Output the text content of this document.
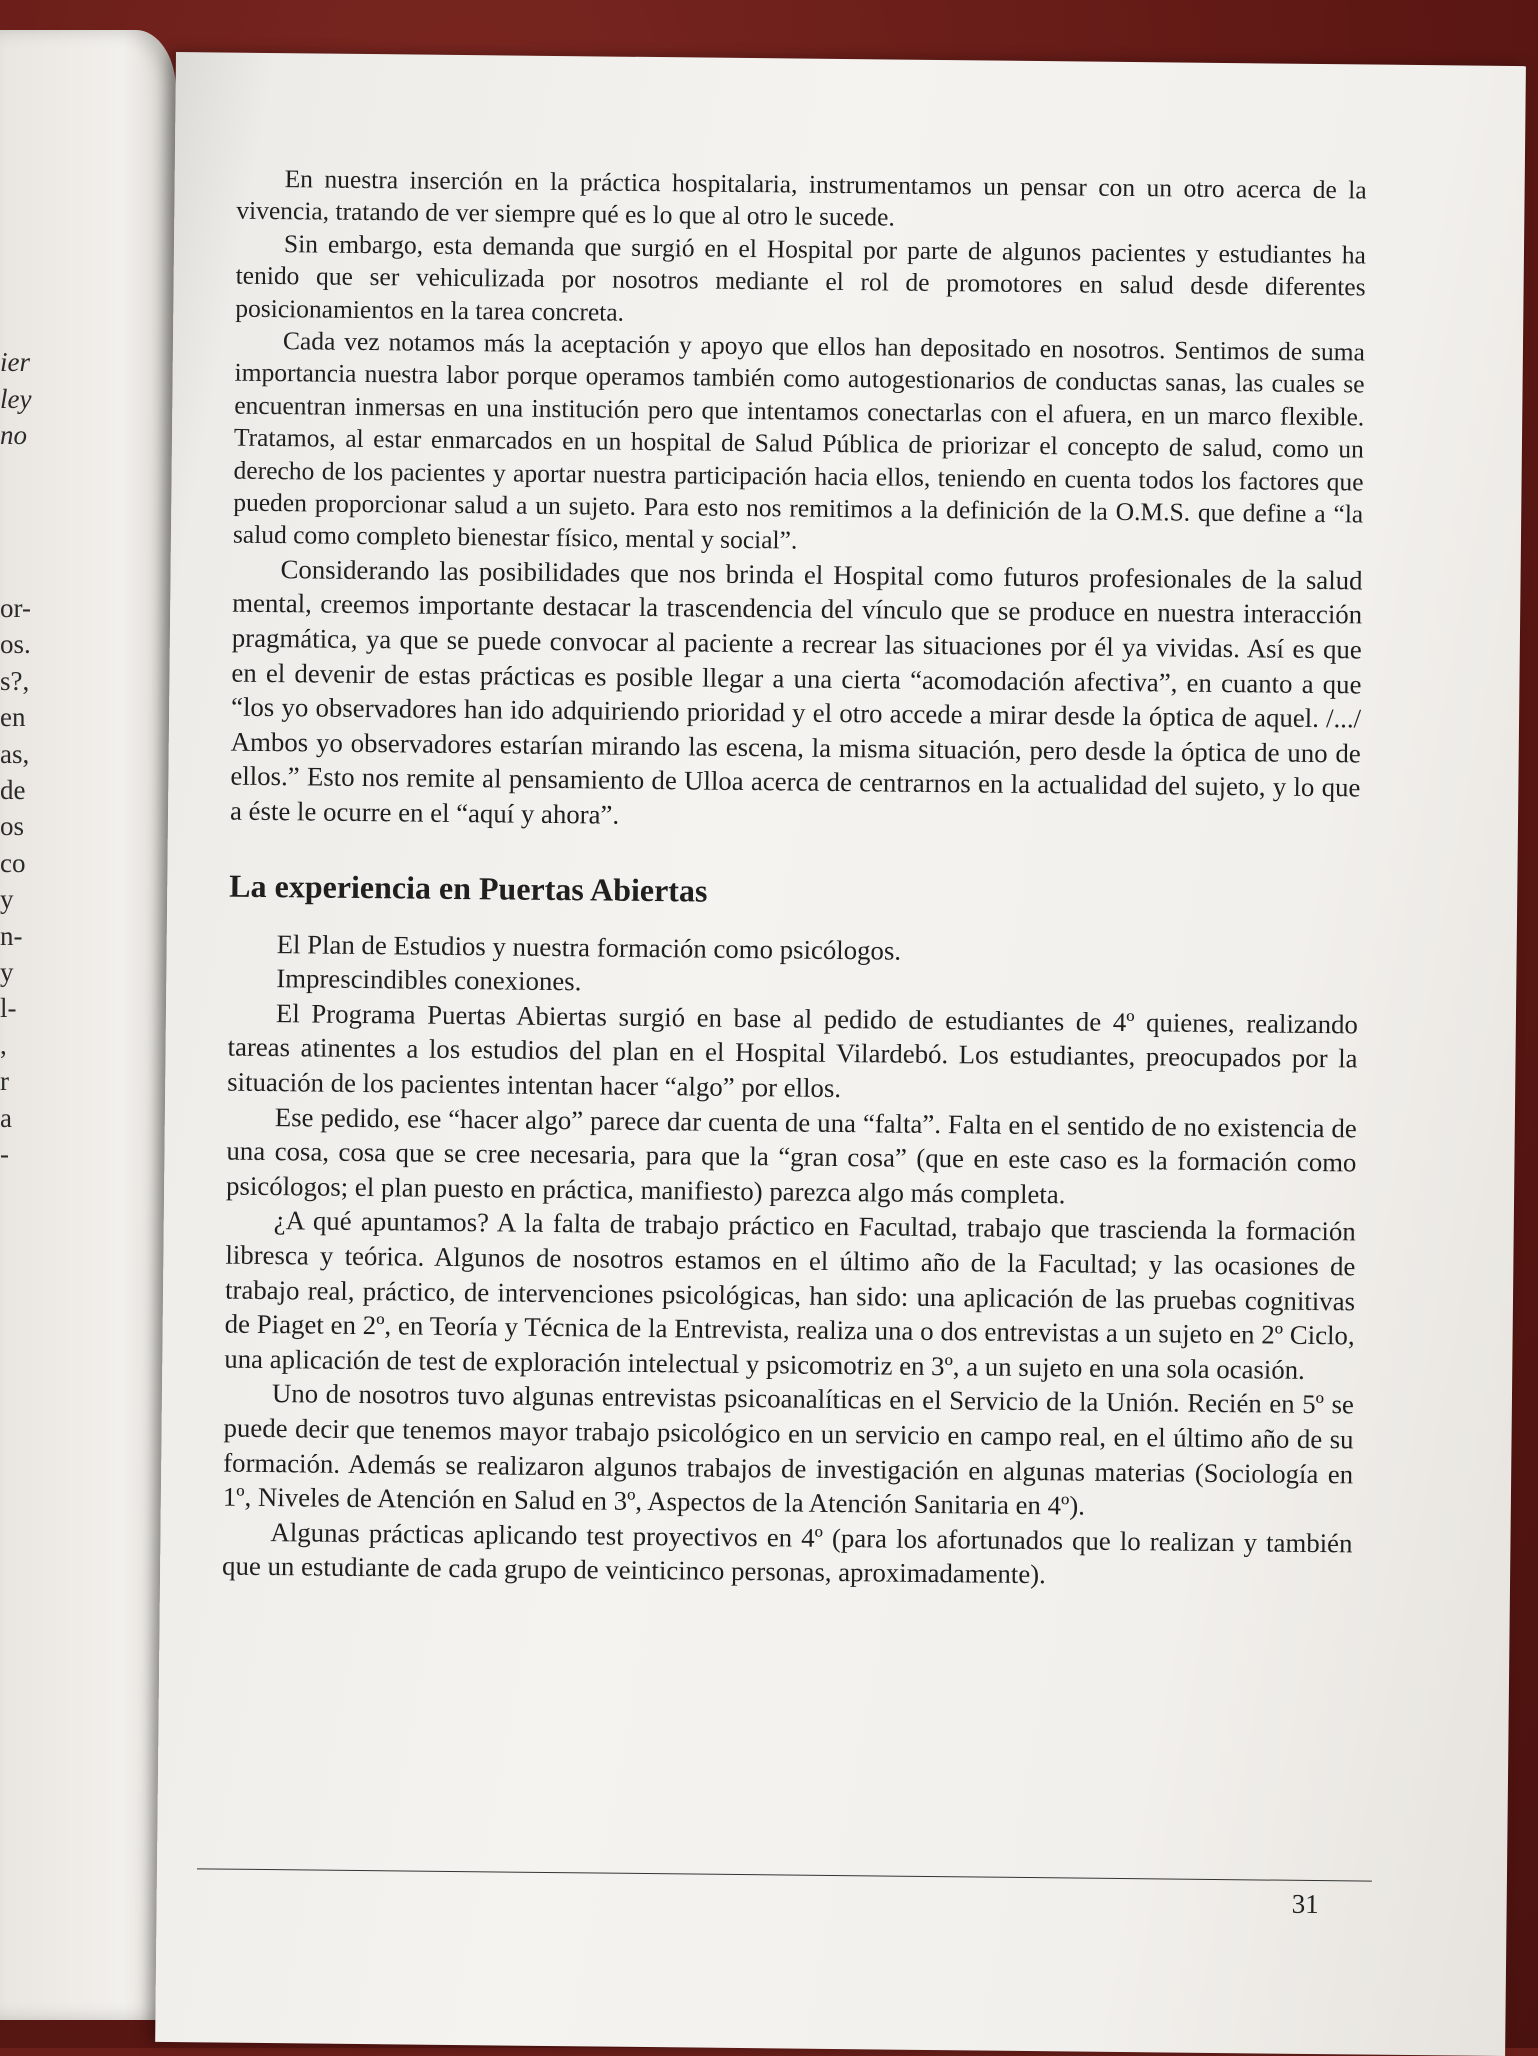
ier
ley
no
or-
os.
s?,
en
as,
de
os
co
y
n-
y
l-
,
r
a
-

En nuestra inserción en la práctica hospitalaria, instrumentamos un pensar con un otro acerca de la vivencia, tratando de ver siempre qué es lo que al otro le sucede.

Sin embargo, esta demanda que surgió en el Hospital por parte de algunos pacientes y estudiantes ha tenido que ser vehiculizada por nosotros mediante el rol de promotores en salud desde diferentes posicionamientos en la tarea concreta.

Cada vez notamos más la aceptación y apoyo que ellos han depositado en nosotros. Sentimos de suma importancia nuestra labor porque operamos también como autogestionarios de conductas sanas, las cuales se encuentran inmersas en una institución pero que intentamos conectarlas con el afuera, en un marco flexible. Tratamos, al estar enmarcados en un hospital de Salud Pública de priorizar el concepto de salud, como un derecho de los pacientes y aportar nuestra participación hacia ellos, teniendo en cuenta todos los factores que pueden proporcionar salud a un sujeto. Para esto nos remitimos a la definición de la O.M.S. que define a “la salud como completo bienestar físico, mental y social”.

Considerando las posibilidades que nos brinda el Hospital como futuros profesionales de la salud mental, creemos importante destacar la trascendencia del vínculo que se produce en nuestra interacción pragmática, ya que se puede convocar al paciente a recrear las situaciones por él ya vividas. Así es que en el devenir de estas prácticas es posible llegar a una cierta “acomodación afectiva”, en cuanto a que “los yo observadores han ido adquiriendo prioridad y el otro accede a mirar desde la óptica de aquel. /.../ Ambos yo observadores estarían mirando las escena, la misma situación, pero desde la óptica de uno de ellos.” Esto nos remite al pensamiento de Ulloa acerca de centrarnos en la actualidad del sujeto, y lo que a éste le ocurre en el “aquí y ahora”.

La experiencia en Puertas Abiertas

El Plan de Estudios y nuestra formación como psicólogos.

Imprescindibles conexiones.

El Programa Puertas Abiertas surgió en base al pedido de estudiantes de 4º quienes, realizando tareas atinentes a los estudios del plan en el Hospital Vilardebó. Los estudiantes, preocupados por la situación de los pacientes intentan hacer “algo” por ellos.

Ese pedido, ese “hacer algo” parece dar cuenta de una “falta”. Falta en el sentido de no existencia de una cosa, cosa que se cree necesaria, para que la “gran cosa” (que en este caso es la formación como psicólogos; el plan puesto en práctica, manifiesto) parezca algo más completa.

¿A qué apuntamos? A la falta de trabajo práctico en Facultad, trabajo que trascienda la formación libresca y teórica. Algunos de nosotros estamos en el último año de la Facultad; y las ocasiones de trabajo real, práctico, de intervenciones psicológicas, han sido: una aplicación de las pruebas cognitivas de Piaget en 2º, en Teoría y Técnica de la Entrevista, realiza una o dos entrevistas a un sujeto en 2º Ciclo, una aplicación de test de exploración intelectual y psicomotriz en 3º, a un sujeto en una sola ocasión.

Uno de nosotros tuvo algunas entrevistas psicoanalíticas en el Servicio de la Unión. Recién en 5º se puede decir que tenemos mayor trabajo psicológico en un servicio en campo real, en el último año de su formación. Además se realizaron algunos trabajos de investigación en algunas materias (Sociología en 1º, Niveles de Atención en Salud en 3º, Aspectos de la Atención Sanitaria en 4º).

Algunas prácticas aplicando test proyectivos en 4º (para los afortunados que lo realizan y también que un estudiante de cada grupo de veinticinco personas, aproximadamente).

31
